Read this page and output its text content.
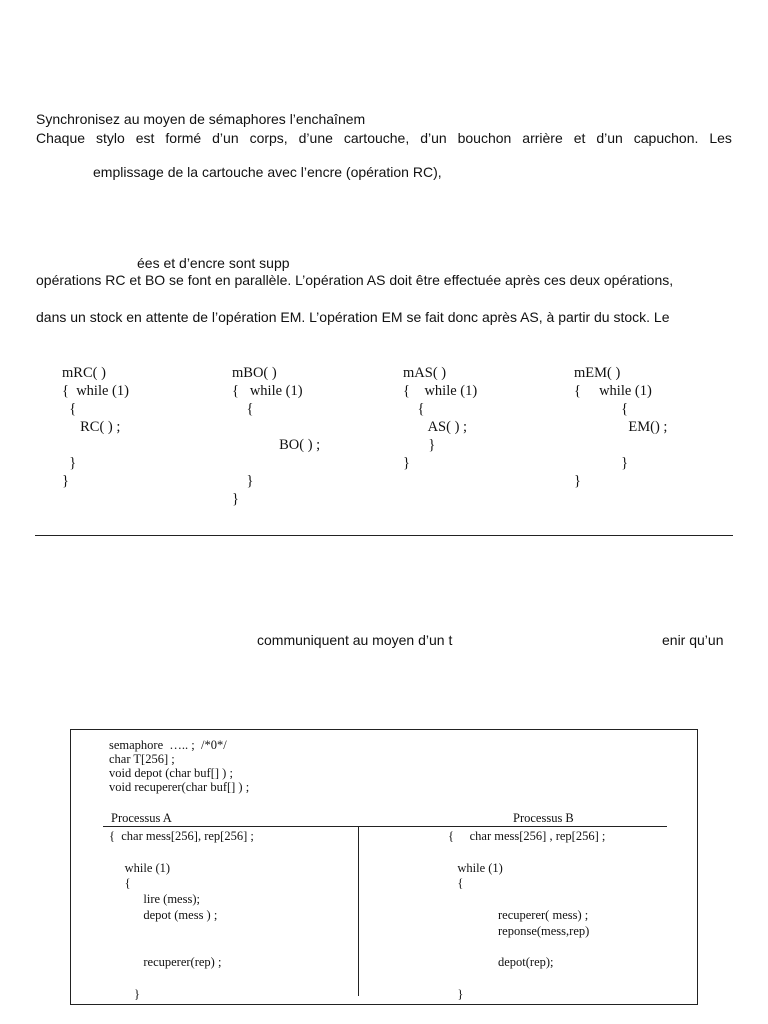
Synchronisez au moyen de sémaphores l’enchaînem
Chaque stylo est formé d’un corps, d’une cartouche, d’un bouchon arrière et d’un capuchon. Les
emplissage de la cartouche avec l’encre (opération RC),
ées et d’encre sont supp
opérations RC et BO se font en parallèle. L’opération AS doit être effectuée après ces deux opérations,
dans un stock en attente de l’opération EM. L’opération EM se fait donc après AS, à partir du stock. Le
mRC( )
{  while (1)
{
RC( ) ;

}
}
mBO( )
{   while (1)
{

BO( ) ;

}
}
mAS( )
{    while (1)
{
AS( ) ;
}
}
mEM( )
{     while (1)
{
EM() ;

}
}
communiquent au moyen d’un t	enir qu’un
semaphore  ….. ;  /*0*/
char T[256] ;
void depot (char buf[] ) ;
void recuperer(char buf[] ) ;
Processus A	Processus B
{  char mess[256], rep[256] ;

while (1)
{
lire (mess);
depot (mess ) ;

recuperer(rep) ;

}
{     char mess[256] , rep[256] ;

while (1)
{

recuperer( mess) ;
reponse(mess,rep)

depot(rep);

}
